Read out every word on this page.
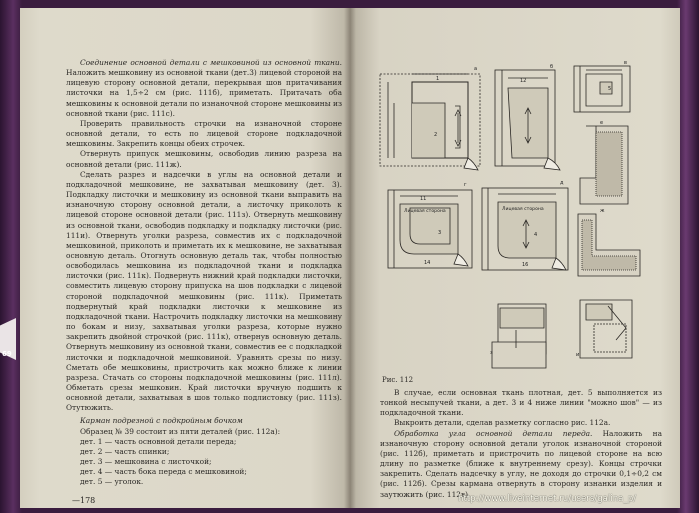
Соединение основной детали с мешковиной из основной ткани. Наложить мешковину из основной ткани (дет.3) лицевой стороной на лицевую сторону основной детали, перекрывая шов притачивания листочки на 1,5÷2 см (рис. 111б), приметать. Притачать оба мешковины к основной детали по изнаночной стороне мешковины из основной ткани (рис. 111с).

Проверить правильность строчки на изнаночной стороне основной детали, то есть по лицевой стороне подкладочной мешковины. Закрепить концы обеих строчек.

Отвернуть припуск мешковины, освободив линию разреза на основной детали (рис. 111ж).

Сделать разрез и надсечки в углы на основной детали и подкладочной мешковине, не захватывая мешковину (дет. 3). Подкладку листочки и мешковину из основной ткани выправить на изнаночную сторону основной детали, а листочку приколоть к лицевой стороне основной детали (рис. 111з). Отвернуть мешковину из основной ткани, освободив подкладку и подкладку листочки (рис. 111и). Отвернуть уголки разреза, совместив их с подкладочной мешковиной, приколоть и приметать их к мешковине, не захватывая основную деталь. Отогнуть основную деталь так, чтобы полностью освободилась мешковина из подкладочной ткани и подкладка листочки (рис. 111к). Подвернуть нижний край подкладки листочки, совместить лицевую сторону припуска на шов подкладки с лицевой стороной подкладочной мешковины (рис. 111к). Приметать подвернутый край подкладки листочки к мешковине из подкладочной ткани. Настрочить подкладку листочки на мешковину по бокам и низу, захватывая уголки разреза, которые нужно закрепить двойной строчкой (рис. 111к), отвернув основную деталь. Отвернуть мешковину из основной ткани, совместив ее с подкладкой листочки и подкладочной мешковиной. Уравнять срезы по низу. Сметать обе мешковины, пристрочить как можно ближе к линии разреза. Стачать со стороны подкладочной мешковины (рис. 111л). Обметать срезы мешковин. Край листочки вручную подшить к основной детали, захватывая в шов только подлистовку (рис. 111з). Отутюжить.

Карман подрезной с подкройным бочком

Образец № 39 состоит из пяти деталей (рис. 112а):

дет. 1 — часть основной детали переда;

дет. 2 — часть спинки;

дет. 3 — мешковина с листочкой;

дет. 4 — часть бока переда с мешковиной;

дет. 5 — уголок.

—178
69
а	б
в
е
г	д
ж
з	и
12
1
11
14	16
2
3	4
5
Лицевая сторона	Лицевая сторона
Рис. 112

В случае, если основная ткань плотная, дет. 5 выполняется из тонкой несыпучей ткани, а дет. 3 и 4 ниже линии "можно шов" — из подкладочной ткани.

Выкроить детали, сделав разметку согласно рис. 112а.

Обработка угла основной детали переда. Наложить на изнаночную сторону основной детали уголок изнаночной стороной (рис. 112б), приметать и пристрочить по лицевой стороне на всю длину по разметке (ближе к внутреннему срезу). Концы строчки закрепить. Сделать надсечку в углу, не доходя до строчки 0,1÷0,2 см (рис. 112б). Срезы кармана отвернуть в сторону изнанки изделия и заутюжить (рис. 112в).

http://www.liveinternet.ru/users/galina_p/
